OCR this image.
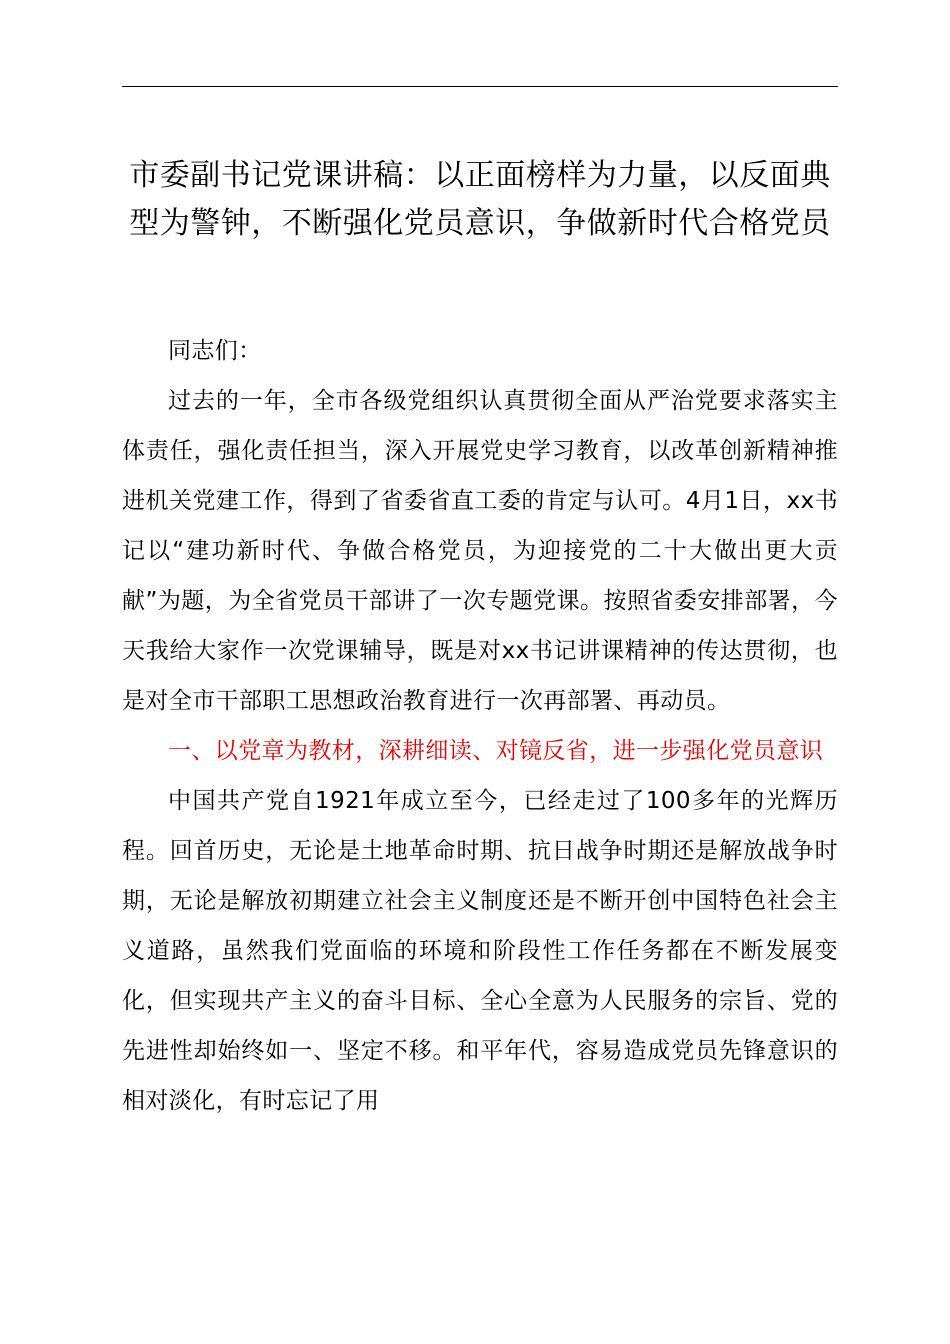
市委副书记党课讲稿：以正面榜样为力量，以反面典型为警钟，不断强化党员意识，争做新时代合格党员

同志们：

过去的一年，全市各级党组织认真贯彻全面从严治党要求落实主体责任，强化责任担当，深入开展党史学习教育，以改革创新精神推进机关党建工作，得到了省委省直工委的肯定与认可。4月1日，xx书记以“建功新时代、争做合格党员，为迎接党的二十大做出更大贡献”为题，为全省党员干部讲了一次专题党课。按照省委安排部署，今天我给大家作一次党课辅导，既是对xx书记讲课精神的传达贯彻，也是对全市干部职工思想政治教育进行一次再部署、再动员。

一、以党章为教材，深耕细读、对镜反省，进一步强化党员意识

中国共产党自1921年成立至今，已经走过了100多年的光辉历程。回首历史，无论是土地革命时期、抗日战争时期还是解放战争时期，无论是解放初期建立社会主义制度还是不断开创中国特色社会主义道路，虽然我们党面临的环境和阶段性工作任务都在不断发展变化，但实现共产主义的奋斗目标、全心全意为人民服务的宗旨、党的先进性却始终如一、坚定不移。和平年代，容易造成党员先锋意识的相对淡化，有时忘记了用
